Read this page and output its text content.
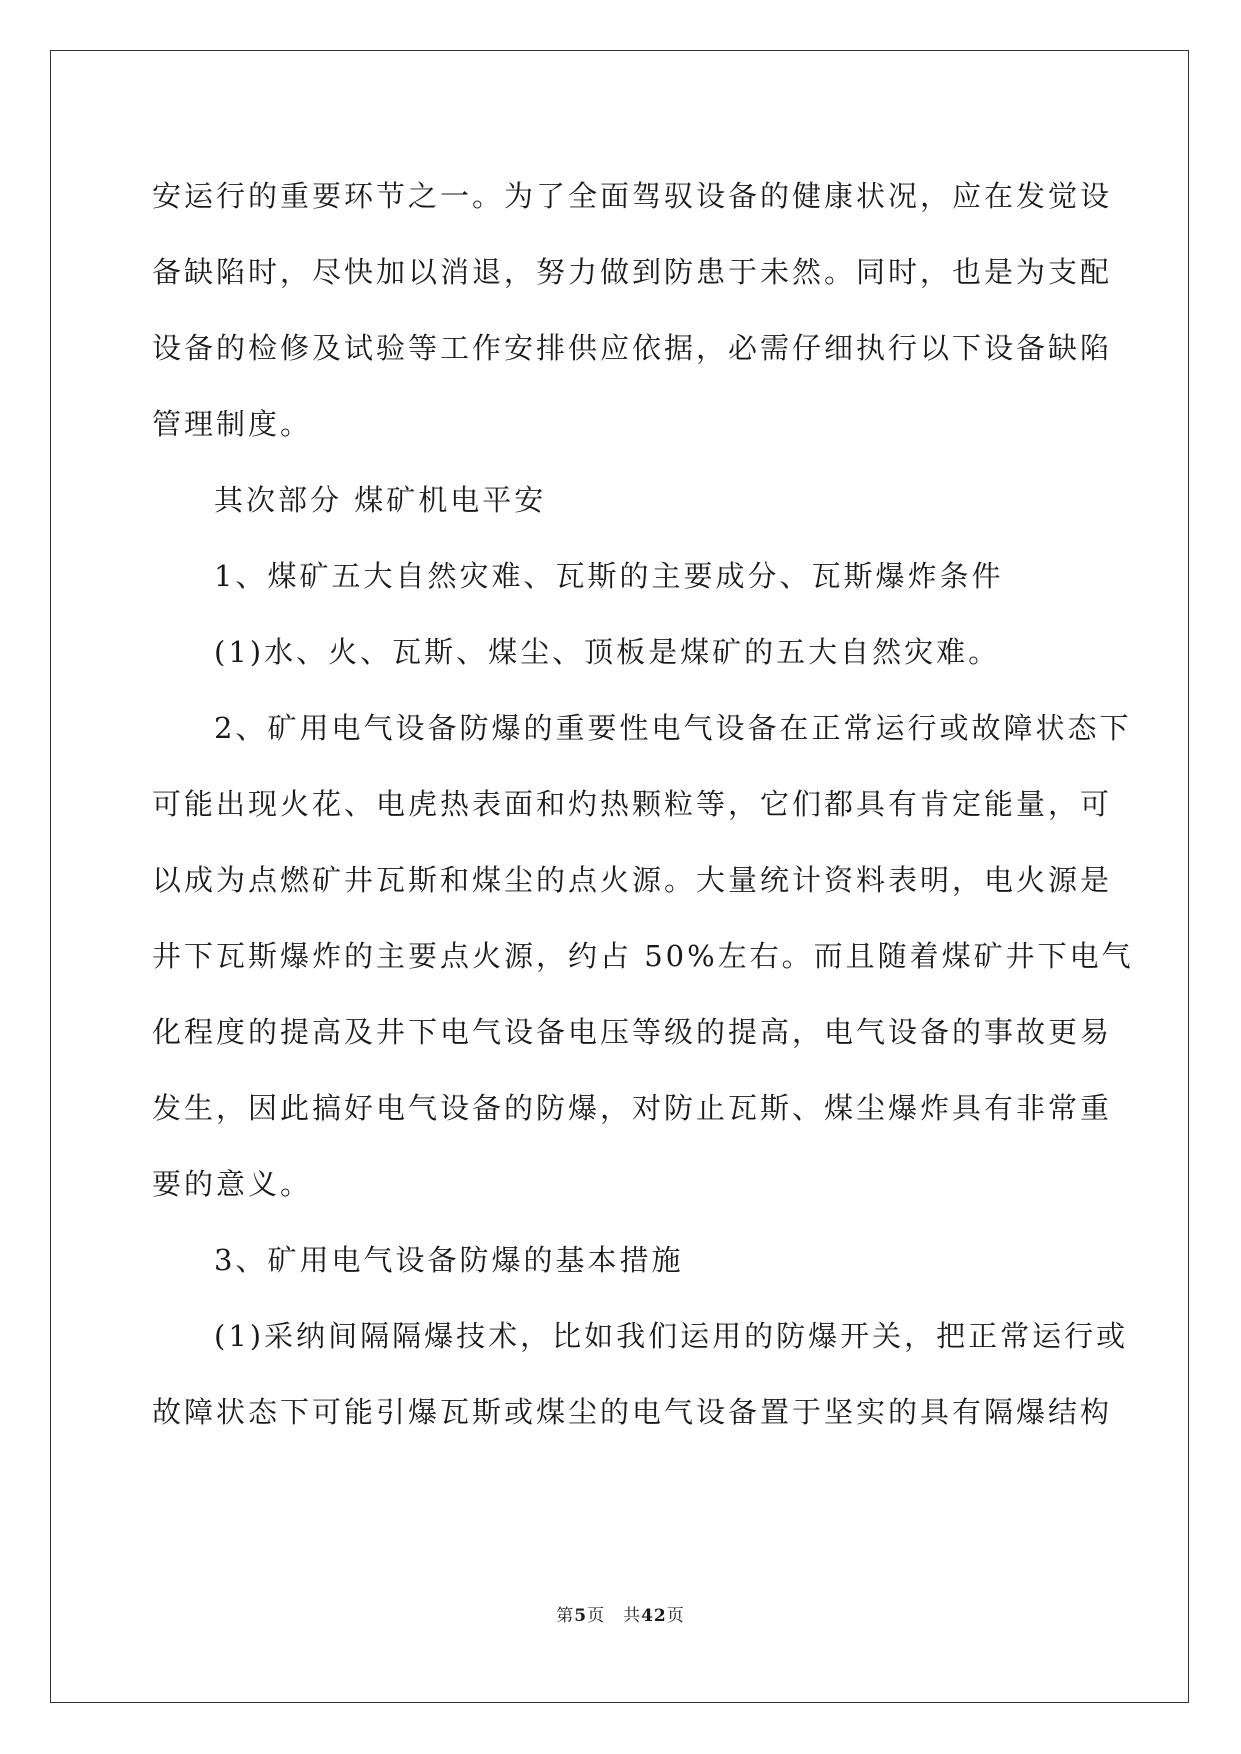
安运行的重要环节之一。为了全面驾驭设备的健康状况，应在发觉设

备缺陷时，尽快加以消退，努力做到防患于未然。同时，也是为支配

设备的检修及试验等工作安排供应依据，必需仔细执行以下设备缺陷

管理制度。

其次部分 煤矿机电平安

1、煤矿五大自然灾难、瓦斯的主要成分、瓦斯爆炸条件

(1)水、火、瓦斯、煤尘、顶板是煤矿的五大自然灾难。

2、矿用电气设备防爆的重要性电气设备在正常运行或故障状态下

可能出现火花、电虎热表面和灼热颗粒等，它们都具有肯定能量，可

以成为点燃矿井瓦斯和煤尘的点火源。大量统计资料表明，电火源是

井下瓦斯爆炸的主要点火源，约占 50%左右。而且随着煤矿井下电气

化程度的提高及井下电气设备电压等级的提高，电气设备的事故更易

发生，因此搞好电气设备的防爆，对防止瓦斯、煤尘爆炸具有非常重

要的意义。

3、矿用电气设备防爆的基本措施

(1)采纳间隔隔爆技术，比如我们运用的防爆开关，把正常运行或

故障状态下可能引爆瓦斯或煤尘的电气设备置于坚实的具有隔爆结构

第5页 共42页
